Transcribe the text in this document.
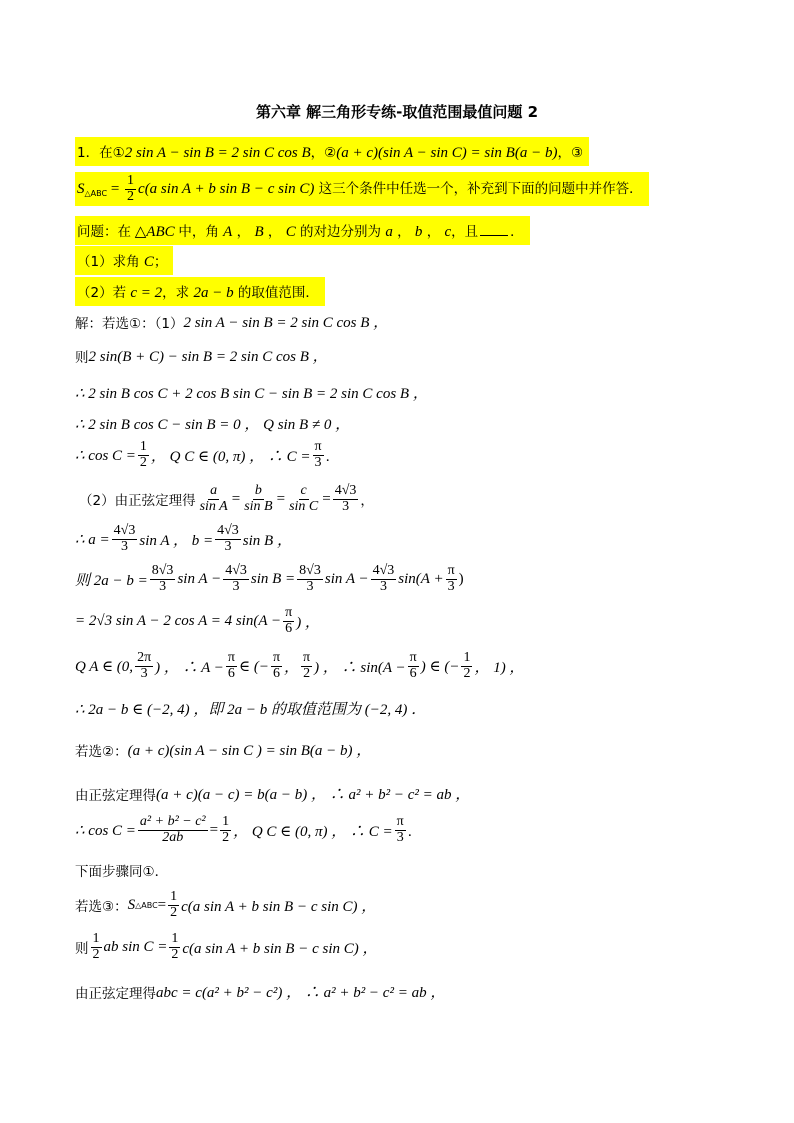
第六章 解三角形专练-取值范围最值问题 2
1．在①2 sin A − sin B = 2 sin C cos B，②(a + c)(sin A − sin C) = sin B(a − b)，③
$S_{\triangle ABC} = \frac{1}{2} c(a$ sin A + b sin B − c sin C) 这三个条件中任选一个，补充到下面的问题中并作答．
问题：在 △ABC 中，角 A ， B ， C 的对边分别为 a ， b ， c，且 ．
（1）求角 C；
（2）若 c = 2，求 2a − b 的取值范围．
解：若选①：（1） 2 sin A − sin B = 2 sin C cos B ，
则 2 sin(B + C) − sin B = 2 sin C cos B ，
∴ 2 sin B cos C + 2 cos B sin C − sin B = 2 sin C cos B ，
∴ 2 sin B cos C − sin B = 0 ， Q sin B ≠ 0 ，
∴ $\cos C = \frac{1}{2}$ ， Q C ∈ (0, π) ， ∴ $C = \frac{\pi}{3}$ ．
（2）由正弦定理得 $\frac{a}{\text{sin A}} = \frac{b}{\text{sin B}} = \frac{c}{\text{sin C}} = \frac{4√3}{3}$ ，
∴ $a = \frac{4√3}{3}$ sin A ， $b = \frac{4√3}{3}$ sin B ，
则 $2a - b = \frac{8√3}{3}$ $\sin A - \frac{4√3}{3}$ $\sin B = \frac{8√3}{3}$ $\sin A - \frac{4√3}{3} \sin(A + \frac{\pi}{3}$ )
= 2√3 sin A − 2 cos A = 4 $\sin(A - \frac{\pi}{6}$ ) ，
Q A ∈ (0, $\frac{2\pi}{3}$ ) ， ∴ $A - \frac{\pi}{6}$ ∈ (− $\frac{\pi}{6}$ ， $\frac{\pi}{2}$ ) ， ∴ $\sin(A - \frac{\pi}{6}$ ) ∈ (− $\frac{1}{2}$ ， 1) ，
∴ 2a − b ∈ (−2, 4) ，即 2a − b 的取值范围为 (−2, 4) ．
若选②： (a + c)(sin A − sin C ) = sin B(a − b) ，
由正弦定理得 (a + c)(a − c) = b(a − b) ， ∴ a² + b² − c² = ab ，
∴ $\cos C = \frac{\text{a² + b² − c²}}{2ab} = \frac{1}{2}$ ， Q C ∈ (0, π) ， ∴ $C = \frac{\pi}{3}$ ．
下面步骤同①．
若选③： S △ABC = $\frac{1}{2} c(a$ sin A + b sin B − c sin C) ，
则 $\frac{1}{2}$ ab $\sin C = \frac{1}{2} c(a$ sin A + b sin B − c sin C) ，
由正弦定理得 abc = c(a² + b² − c²) ， ∴ a² + b² − c² = ab ，
